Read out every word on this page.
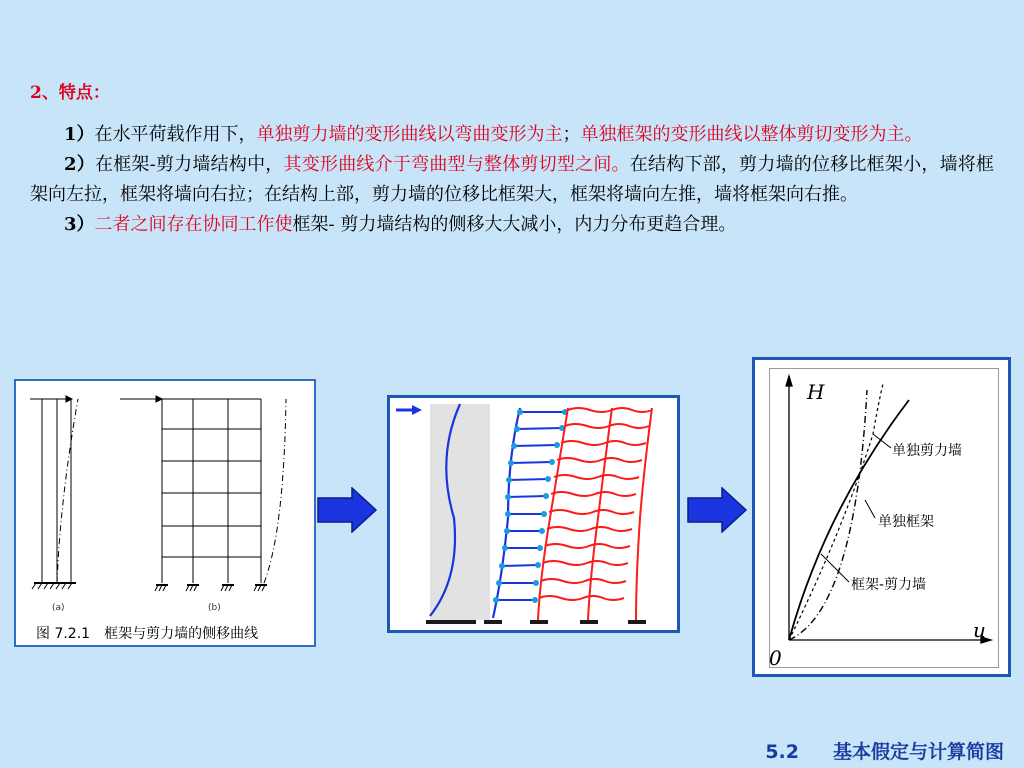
2、特点：

1）在水平荷载作用下，单独剪力墙的变形曲线以弯曲变形为主；单独框架的变形曲线以整体剪切变形为主。

2）在框架-剪力墙结构中，其变形曲线介于弯曲型与整体剪切型之间。在结构下部，剪力墙的位移比框架小，墙将框架向左拉，框架将墙向右拉；在结构上部，剪力墙的位移比框架大，框架将墙向左推，墙将框架向右推。

3）二者之间存在协同工作使框架- 剪力墙结构的侧移大大减小，内力分布更趋合理。

(a)	(b)
图 7.2.1　框架与剪力墙的侧移曲线
H
u
0
单独剪力墙
单独框架
框架-剪力墙
5.2 基本假定与计算简图
